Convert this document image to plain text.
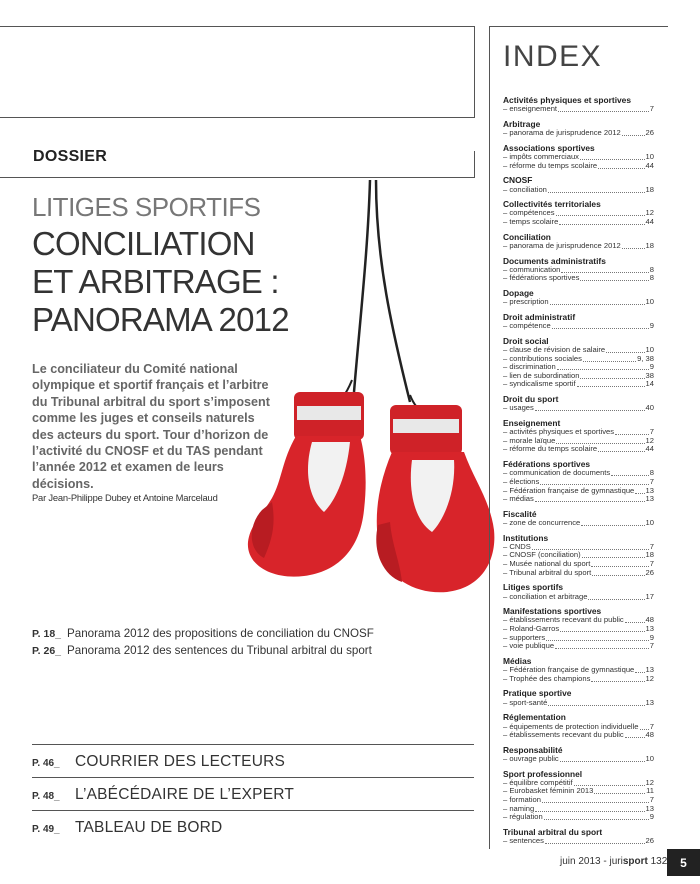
DOSSIER
LITIGES SPORTIFS
CONCILIATION
ET ARBITRAGE :
PANORAMA 2012
Le conciliateur du Comité national olympique et sportif français et l’arbitre du Tribunal arbitral du sport s’imposent comme les juges et conseils naturels des acteurs du sport. Tour d’horizon de l’activité du CNOSF et du TAS pendant l’année 2012 et examen de leurs décisions.
Par Jean-Philippe Dubey et Antoine Marcelaud
P. 18_ Panorama 2012 des propositions de conciliation du CNOSF
P. 26_ Panorama 2012 des sentences du Tribunal arbitral du sport
P. 46_ COURRIER DES LECTEURS
P. 48_ L’ABÉCÉDAIRE DE L’EXPERT
P. 49_ TABLEAU DE BORD
INDEX
Activités physiques et sportives
– enseignement	7
Arbitrage
– panorama de jurisprudence 2012	26
Associations sportives
– impôts commerciaux	10
– réforme du temps scolaire	44
CNOSF
– conciliation	18
Collectivités territoriales
– compétences	12
– temps scolaire	44
Conciliation
– panorama de jurisprudence 2012	18
Documents administratifs
– communication	8
– fédérations sportives	8
Dopage
– prescription	10
Droit administratif
– compétence	9
Droit social
– clause de révision de salaire	10
– contributions sociales	9, 38
– discrimination	9
– lien de subordination	38
– syndicalisme sportif	14
Droit du sport
– usages	40
Enseignement
– activités physiques et sportives	7
– morale laïque	12
– réforme du temps scolaire	44
Fédérations sportives
– communication de documents	8
– élections	7
– Fédération française de gymnastique 13
– médias	13
Fiscalité
– zone de concurrence	10
Institutions
– CNDS	7
– CNOSF (conciliation)	18
– Musée national du sport	7
– Tribunal arbitral du sport	26
Litiges sportifs
– conciliation et arbitrage	17
Manifestations sportives
– établissements recevant du public	48
– Roland-Garros	13
– supporters	9
– voie publique	7
Médias
– Fédération française de gymnastique 13
– Trophée des champions	12
Pratique sportive
– sport-santé	13
Réglementation
– équipements de protection individuelle 7
– établissements recevant du public	48
Responsabilité
– ouvrage public	10
Sport professionnel
– équilibre compétitif	12
– Eurobasket féminin 2013	11
– formation	7
– naming	13
– régulation	9
Tribunal arbitral du sport
– sentences	26
juin 2013 - jurisport 132	5
